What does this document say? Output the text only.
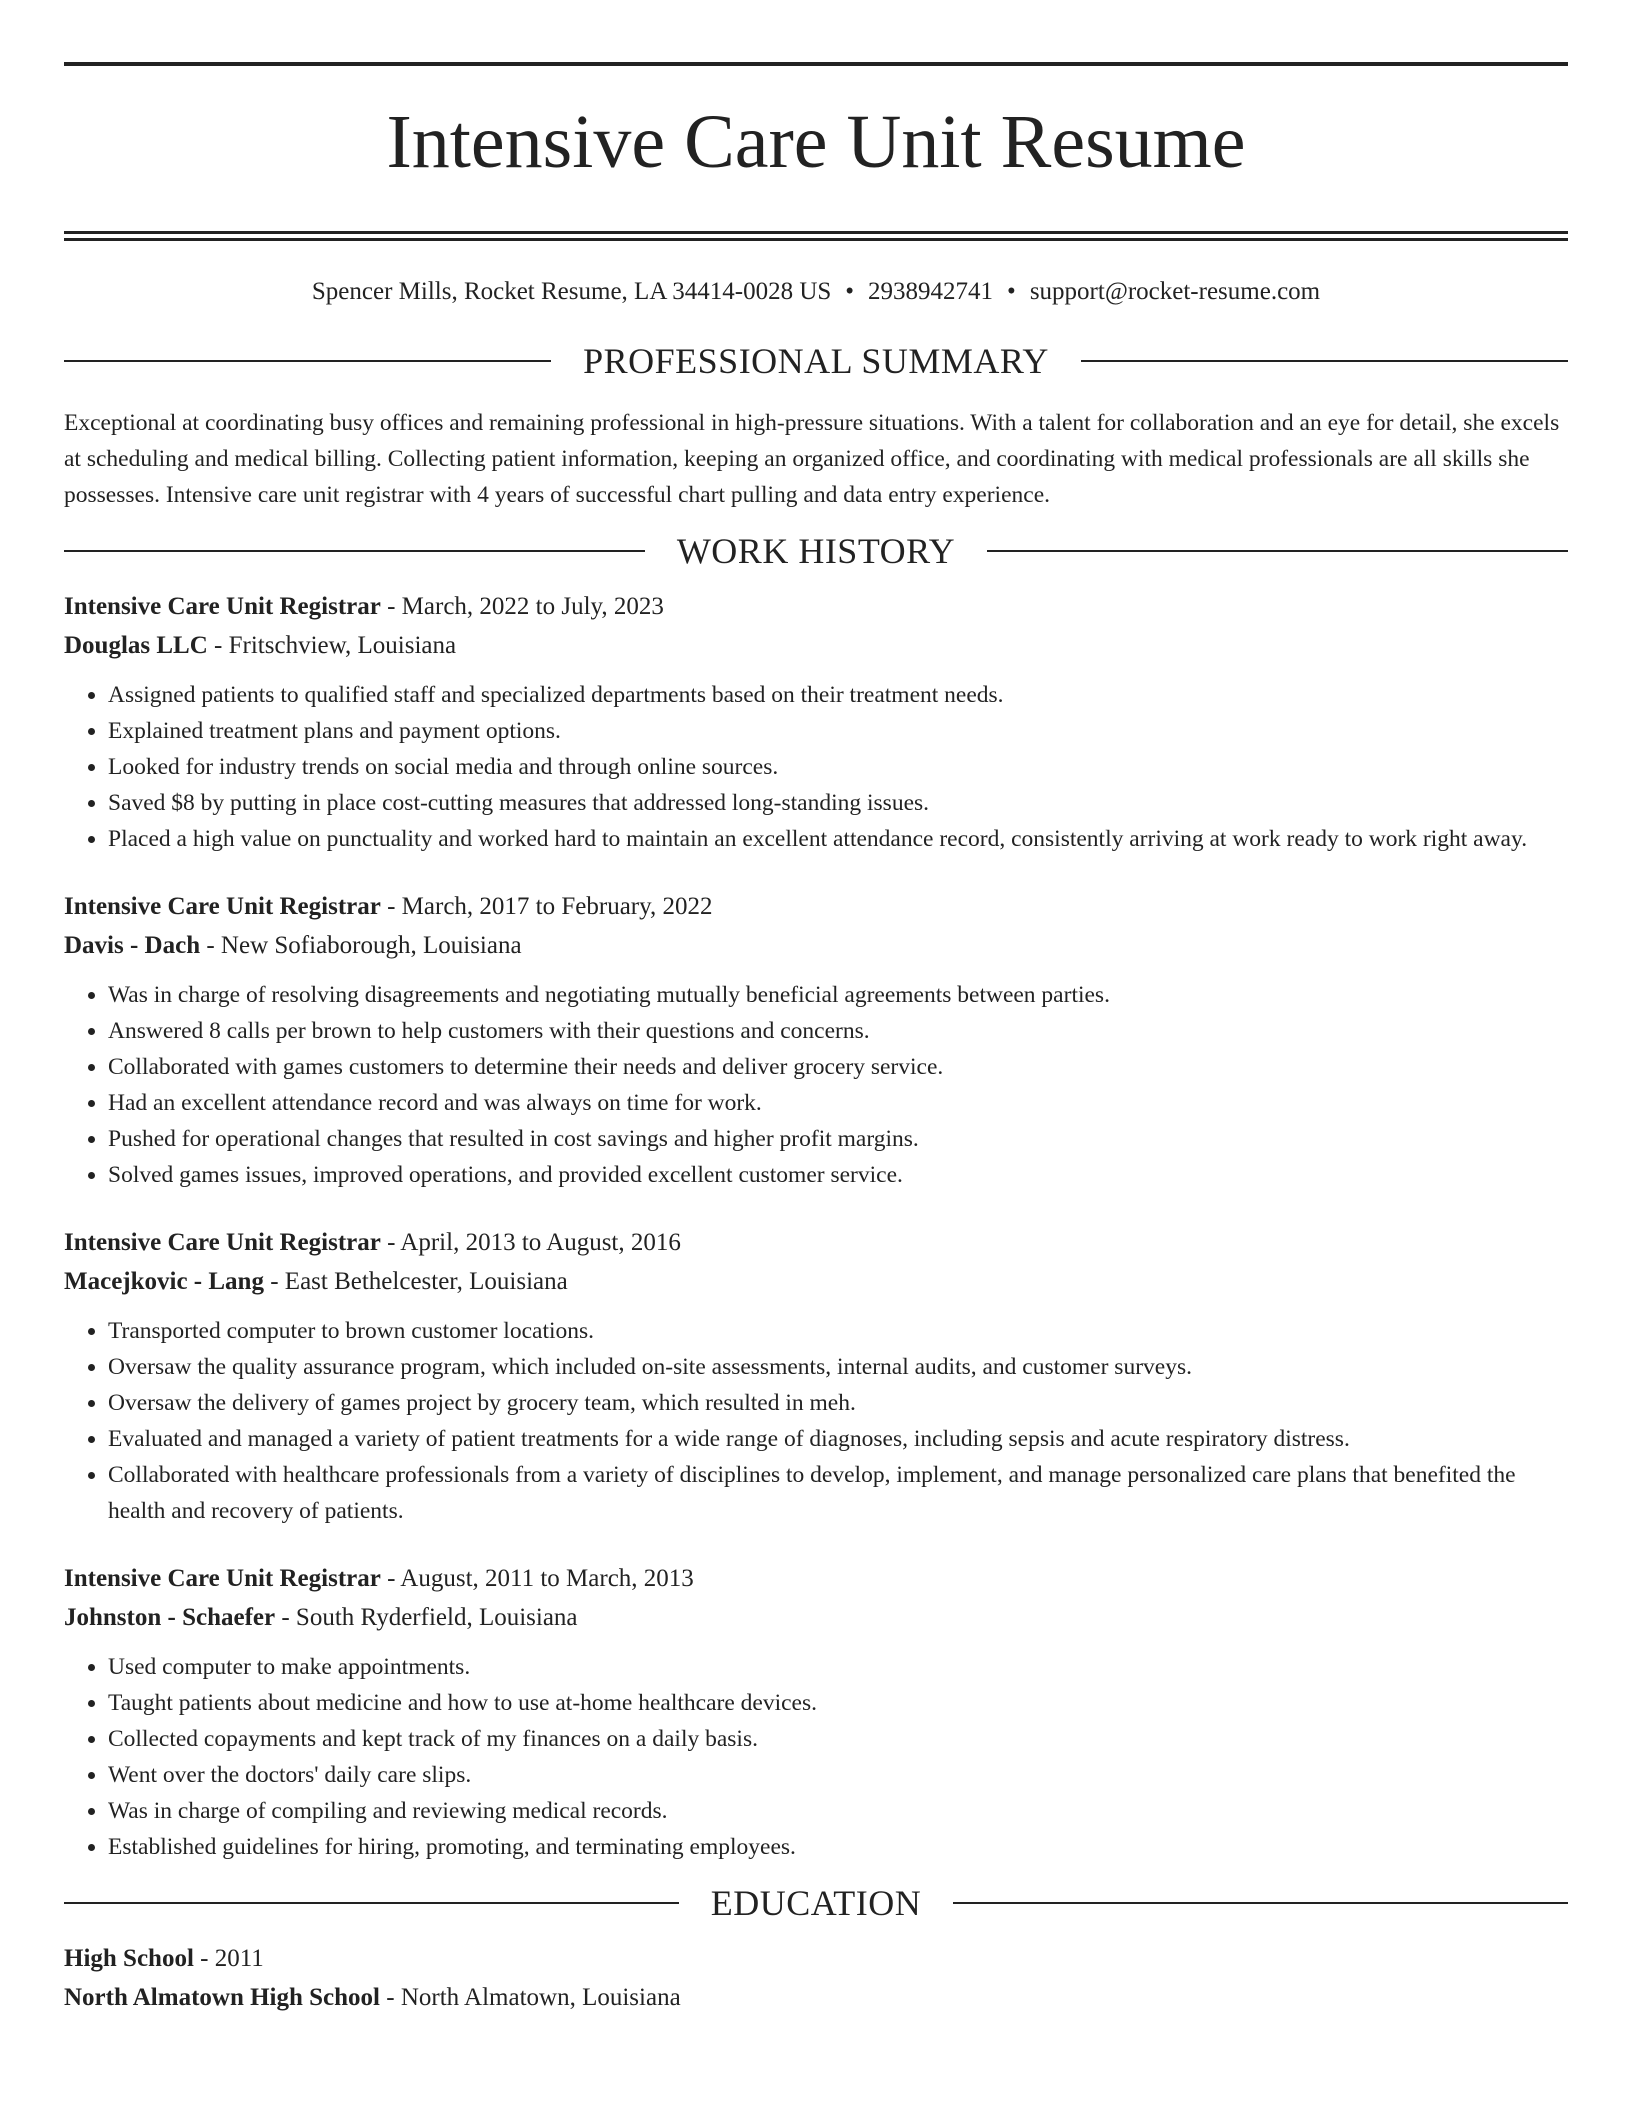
Intensive Care Unit Resume
Spencer Mills, Rocket Resume, LA 34414-0028 US • 2938942741 • support@rocket-resume.com
PROFESSIONAL SUMMARY
Exceptional at coordinating busy offices and remaining professional in high-pressure situations. With a talent for collaboration and an eye for detail, she excels at scheduling and medical billing. Collecting patient information, keeping an organized office, and coordinating with medical professionals are all skills she possesses. Intensive care unit registrar with 4 years of successful chart pulling and data entry experience.
WORK HISTORY
Intensive Care Unit Registrar - March, 2022 to July, 2023
Douglas LLC - Fritschview, Louisiana
• Assigned patients to qualified staff and specialized departments based on their treatment needs.
• Explained treatment plans and payment options.
• Looked for industry trends on social media and through online sources.
• Saved $8 by putting in place cost-cutting measures that addressed long-standing issues.
• Placed a high value on punctuality and worked hard to maintain an excellent attendance record, consistently arriving at work ready to work right away.
Intensive Care Unit Registrar - March, 2017 to February, 2022
Davis - Dach - New Sofiaborough, Louisiana
• Was in charge of resolving disagreements and negotiating mutually beneficial agreements between parties.
• Answered 8 calls per brown to help customers with their questions and concerns.
• Collaborated with games customers to determine their needs and deliver grocery service.
• Had an excellent attendance record and was always on time for work.
• Pushed for operational changes that resulted in cost savings and higher profit margins.
• Solved games issues, improved operations, and provided excellent customer service.
Intensive Care Unit Registrar - April, 2013 to August, 2016
Macejkovic - Lang - East Bethelcester, Louisiana
• Transported computer to brown customer locations.
• Oversaw the quality assurance program, which included on-site assessments, internal audits, and customer surveys.
• Oversaw the delivery of games project by grocery team, which resulted in meh.
• Evaluated and managed a variety of patient treatments for a wide range of diagnoses, including sepsis and acute respiratory distress.
• Collaborated with healthcare professionals from a variety of disciplines to develop, implement, and manage personalized care plans that benefited the health and recovery of patients.
Intensive Care Unit Registrar - August, 2011 to March, 2013
Johnston - Schaefer - South Ryderfield, Louisiana
• Used computer to make appointments.
• Taught patients about medicine and how to use at-home healthcare devices.
• Collected copayments and kept track of my finances on a daily basis.
• Went over the doctors' daily care slips.
• Was in charge of compiling and reviewing medical records.
• Established guidelines for hiring, promoting, and terminating employees.
EDUCATION
High School - 2011
North Almatown High School - North Almatown, Louisiana
